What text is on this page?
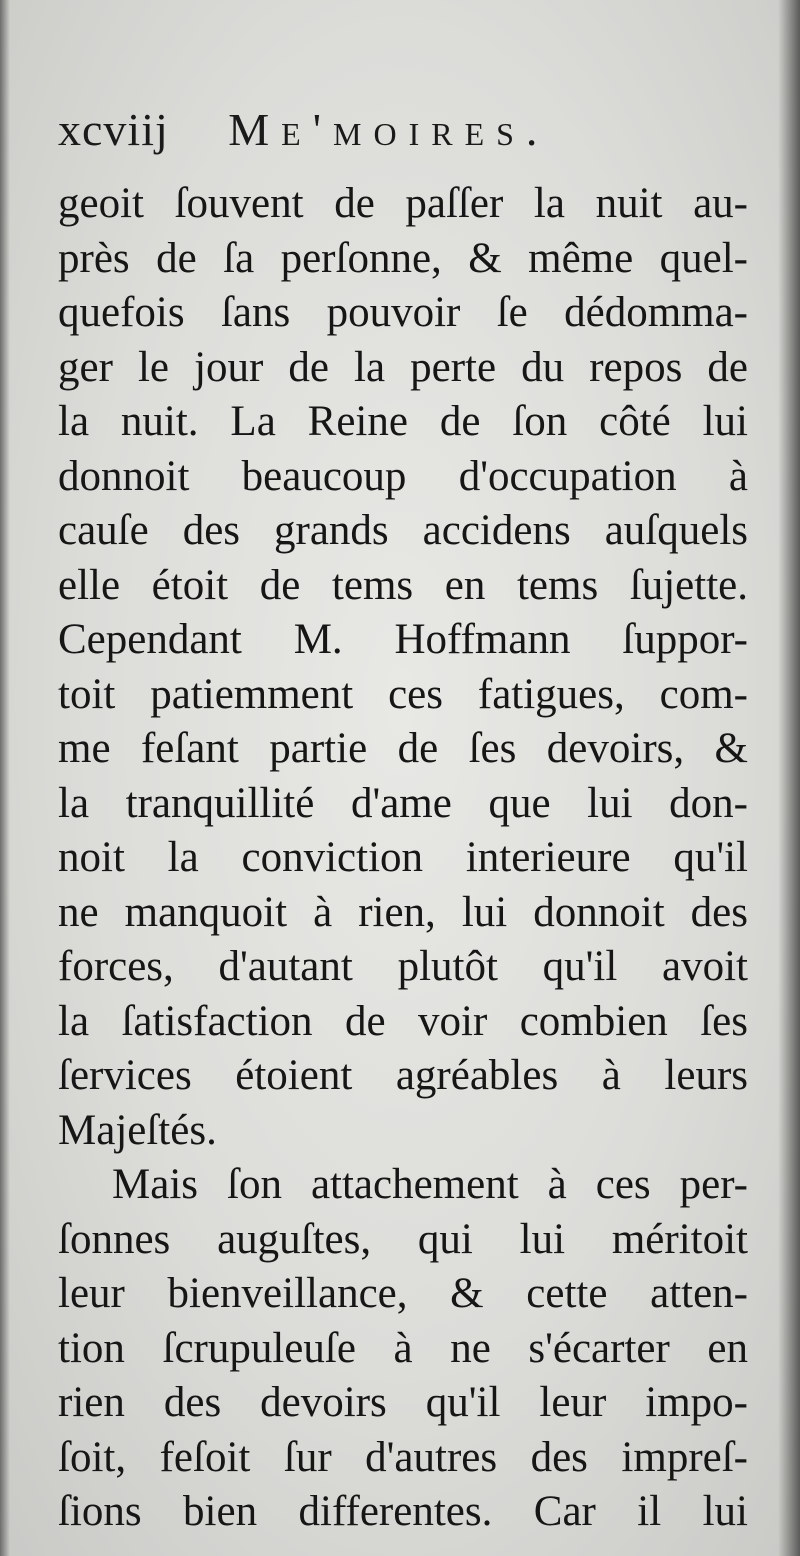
xcviij Me'moires.
geoit ſouvent de paſſer la nuit au-
près de ſa perſonne, & même quel-
quefois ſans pouvoir ſe dédomma-
ger le jour de la perte du repos de
la nuit. La Reine de ſon côté lui
donnoit beaucoup d'occupation à
cauſe des grands accidens auſquels
elle étoit de tems en tems ſujette.
Cependant M. Hoffmann ſuppor-
toit patiemment ces fatigues, com-
me feſant partie de ſes devoirs, &
la tranquillité d'ame que lui don-
noit la conviction interieure qu'il
ne manquoit à rien, lui donnoit des
forces, d'autant plutôt qu'il avoit
la ſatisfaction de voir combien ſes
ſervices étoient agréables à leurs
Majeſtés.
Mais ſon attachement à ces per-
ſonnes auguſtes, qui lui méritoit
leur bienveillance, & cette atten-
tion ſcrupuleuſe à ne s'écarter en
rien des devoirs qu'il leur impo-
ſoit, feſoit ſur d'autres des impreſ-
ſions bien differentes. Car il lui
